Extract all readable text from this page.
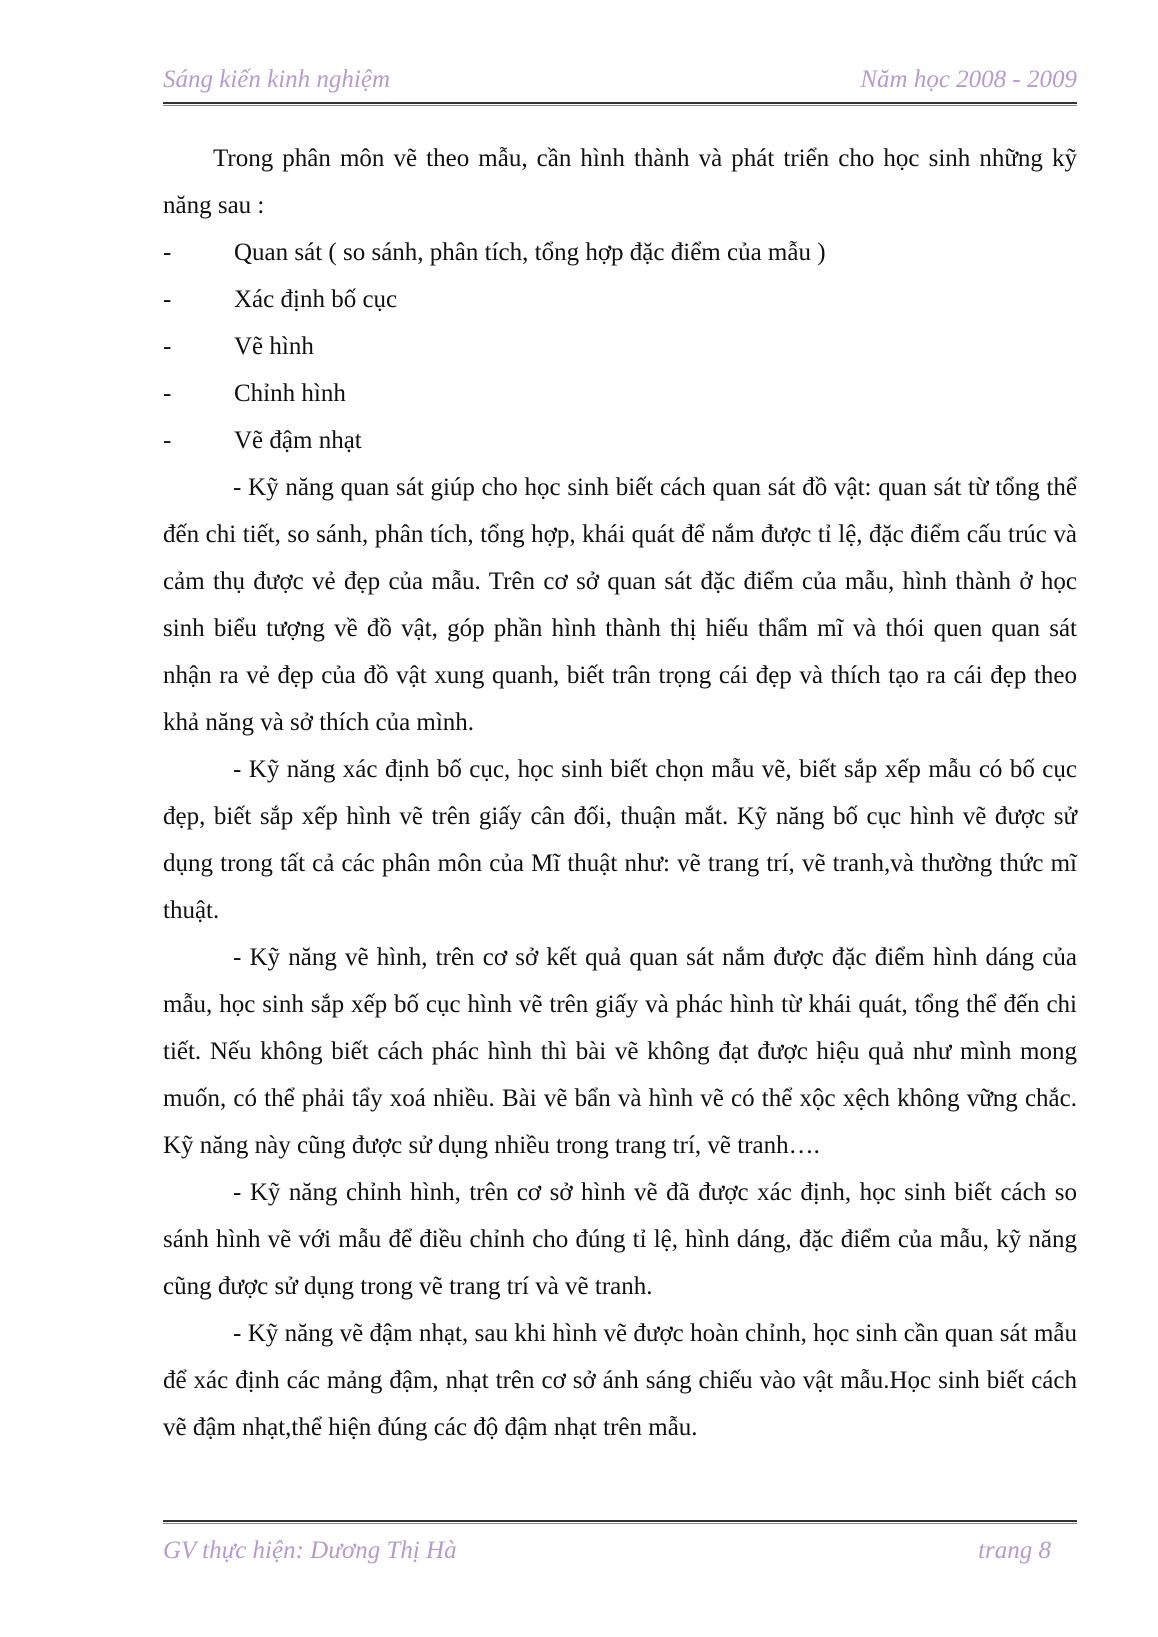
Sáng kiến kinh nghiệm	Năm học 2008 - 2009

Trong phân môn vẽ theo mẫu, cần hình thành và phát triển cho học sinh những kỹ năng sau :

-	Quan sát ( so sánh, phân tích, tổng hợp đặc điểm của mẫu )
-	Xác định bố cục
-	Vẽ hình
-	Chỉnh hình
-	Vẽ đậm nhạt

- Kỹ năng quan sát giúp cho học sinh biết cách quan sát đồ vật: quan sát từ tổng thể đến chi tiết, so sánh, phân tích, tổng hợp, khái quát để nắm được tỉ lệ, đặc điểm cấu trúc và cảm thụ được vẻ đẹp của mẫu. Trên cơ sở quan sát đặc điểm của mẫu, hình thành ở học sinh biểu tượng về đồ vật, góp phần hình thành thị hiếu thẩm mĩ và thói quen quan sát nhận ra vẻ đẹp của đồ vật xung quanh, biết trân trọng cái đẹp và thích tạo ra cái đẹp theo khả năng và sở thích của mình.

- Kỹ năng xác định bố cục, học sinh biết chọn mẫu vẽ, biết sắp xếp mẫu có bố cục đẹp, biết sắp xếp hình vẽ trên giấy cân đối, thuận mắt. Kỹ năng bố cục hình vẽ được sử dụng trong tất cả các phân môn của Mĩ thuật như: vẽ trang trí, vẽ tranh,và thường thức mĩ thuật.

- Kỹ năng vẽ hình, trên cơ sở kết quả quan sát nắm được đặc điểm hình dáng của mẫu, học sinh sắp xếp bố cục hình vẽ trên giấy và phác hình từ khái quát, tổng thể đến chi tiết. Nếu không biết cách phác hình thì bài vẽ không đạt được hiệu quả như mình mong muốn, có thể phải tẩy xoá nhiều. Bài vẽ bẩn và hình vẽ có thể xộc xệch không vững chắc. Kỹ năng này cũng được sử dụng nhiều trong trang trí, vẽ tranh….

- Kỹ năng chỉnh hình, trên cơ sở hình vẽ đã được xác định, học sinh biết cách so sánh hình vẽ với mẫu để điều chỉnh cho đúng tỉ lệ, hình dáng, đặc điểm của mẫu, kỹ năng cũng được sử dụng trong vẽ trang trí và vẽ tranh.

- Kỹ năng vẽ đậm nhạt, sau khi hình vẽ được hoàn chỉnh, học sinh cần quan sát mẫu để xác định các mảng đậm, nhạt trên cơ sở ánh sáng chiếu vào vật mẫu.Học sinh biết cách vẽ đậm nhạt,thể hiện đúng các độ đậm nhạt trên mẫu.

GV thực hiện: Dương Thị Hà	trang 8
